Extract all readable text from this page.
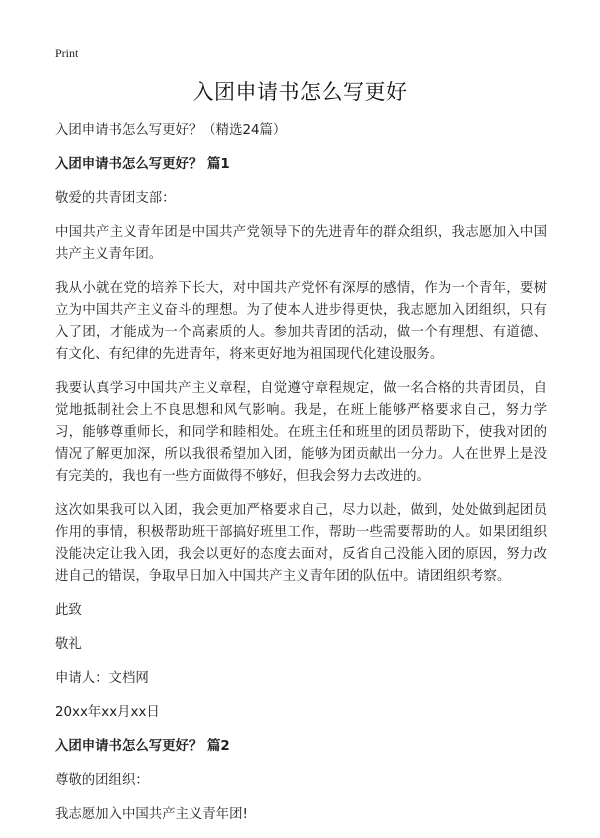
Print
入团申请书怎么写更好

入团申请书怎么写更好？（精选24篇）

入团申请书怎么写更好？ 篇1

敬爱的共青团支部：

中国共产主义青年团是中国共产党领导下的先进青年的群众组织，我志愿加入中国共产主义青年团。

我从小就在党的培养下长大，对中国共产党怀有深厚的感情，作为一个青年，要树立为中国共产主义奋斗的理想。为了使本人进步得更快，我志愿加入团组织，只有入了团，才能成为一个高素质的人。参加共青团的活动，做一个有理想、有道德、有文化、有纪律的先进青年，将来更好地为祖国现代化建设服务。

我要认真学习中国共产主义章程，自觉遵守章程规定，做一名合格的共青团员，自觉地抵制社会上不良思想和风气影响。我是，在班上能够严格要求自己，努力学习，能够尊重师长，和同学和睦相处。在班主任和班里的团员帮助下，使我对团的情况了解更加深，所以我很希望加入团，能够为团贡献出一分力。人在世界上是没有完美的，我也有一些方面做得不够好，但我会努力去改进的。

这次如果我可以入团，我会更加严格要求自己，尽力以赴，做到，处处做到起团员作用的事情，积极帮助班干部搞好班里工作，帮助一些需要帮助的人。如果团组织没能决定让我入团，我会以更好的态度去面对，反省自己没能入团的原因，努力改进自己的错误，争取早日加入中国共产主义青年团的队伍中。请团组织考察。

此致

敬礼

申请人：文档网

20xx年xx月xx日

入团申请书怎么写更好？ 篇2

尊敬的团组织：

我志愿加入中国共产主义青年团!
